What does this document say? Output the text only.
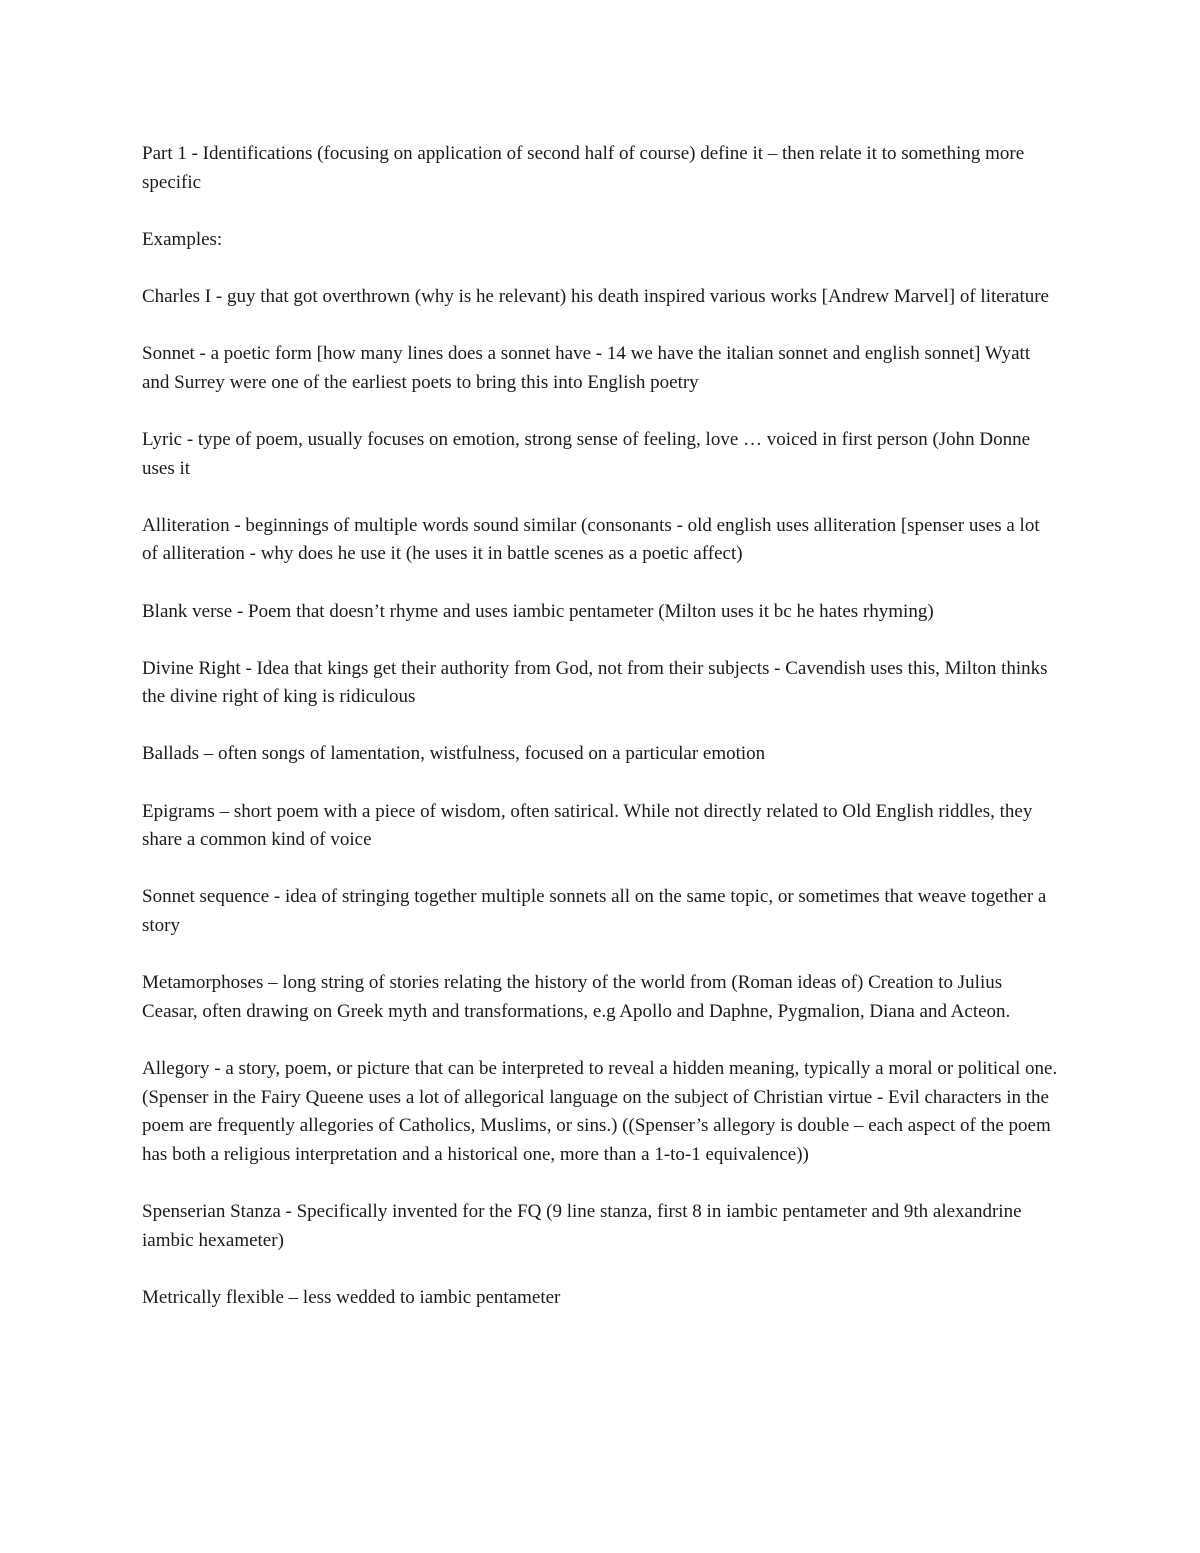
Part 1 - Identifications (focusing on application of second half of course) define it – then relate it to something more specific

Examples:

Charles I - guy that got overthrown (why is he relevant) his death inspired various works [Andrew Marvel] of literature

Sonnet - a poetic form [how many lines does a sonnet have - 14 we have the italian sonnet and english sonnet] Wyatt and Surrey were one of the earliest poets to bring this into English poetry

Lyric - type of poem, usually focuses on emotion, strong sense of feeling, love … voiced in first person (John Donne uses it

Alliteration - beginnings of multiple words sound similar (consonants - old english uses alliteration [spenser uses a lot of alliteration - why does he use it (he uses it in battle scenes as a poetic affect)

Blank verse - Poem that doesn’t rhyme and uses iambic pentameter (Milton uses it bc he hates rhyming)

Divine Right - Idea that kings get their authority from God, not from their subjects - Cavendish uses this, Milton thinks the divine right of king is ridiculous

Ballads – often songs of lamentation, wistfulness, focused on a particular emotion

Epigrams – short poem with a piece of wisdom, often satirical. While not directly related to Old English riddles, they share a common kind of voice

Sonnet sequence - idea of stringing together multiple sonnets all on the same topic, or sometimes that weave together a story

Metamorphoses – long string of stories relating the history of the world from (Roman ideas of) Creation to Julius Ceasar, often drawing on Greek myth and transformations, e.g Apollo and Daphne, Pygmalion, Diana and Acteon.

Allegory - a story, poem, or picture that can be interpreted to reveal a hidden meaning, typically a moral or political one. (Spenser in the Fairy Queene uses a lot of allegorical language on the subject of Christian virtue - Evil characters in the poem are frequently allegories of Catholics, Muslims, or sins.) ((Spenser’s allegory is double – each aspect of the poem has both a religious interpretation and a historical one, more than a 1-to-1 equivalence))

Spenserian Stanza - Specifically invented for the FQ (9 line stanza, first 8 in iambic pentameter and 9th alexandrine iambic hexameter)

Metrically flexible – less wedded to iambic pentameter
